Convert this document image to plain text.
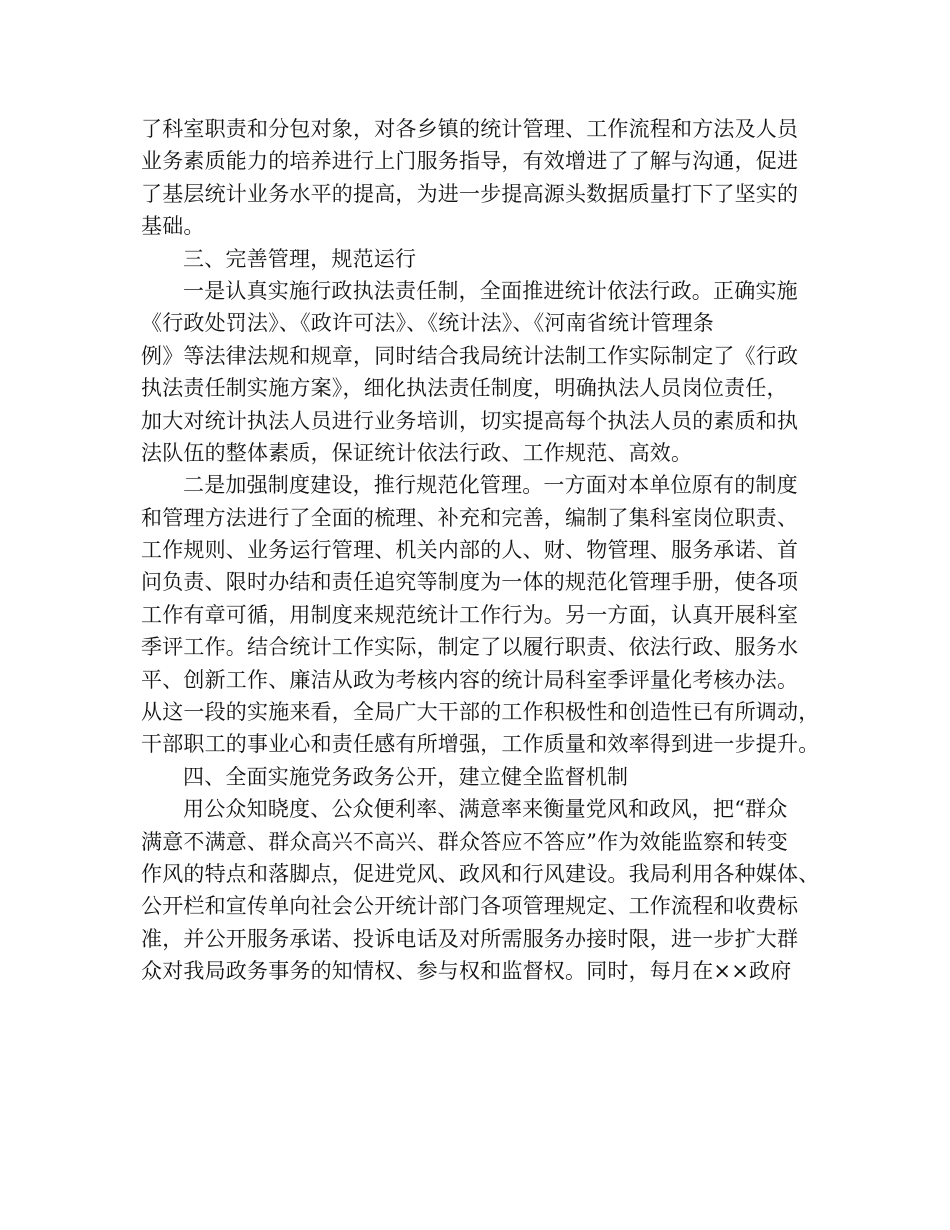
了科室职责和分包对象，对各乡镇的统计管理、工作流程和方法及人员
业务素质能力的培养进行上门服务指导，有效增进了了解与沟通，促进
了基层统计业务水平的提高，为进一步提高源头数据质量打下了坚实的
基础。
三、完善管理，规范运行
一是认真实施行政执法责任制，全面推进统计依法行政。正确实施
《行政处罚法》、《政许可法》、《统计法》、《河南省统计管理条
例》等法律法规和规章，同时结合我局统计法制工作实际制定了《行政
执法责任制实施方案》，细化执法责任制度，明确执法人员岗位责任，
加大对统计执法人员进行业务培训，切实提高每个执法人员的素质和执
法队伍的整体素质，保证统计依法行政、工作规范、高效。
二是加强制度建设，推行规范化管理。一方面对本单位原有的制度
和管理方法进行了全面的梳理、补充和完善，编制了集科室岗位职责、
工作规则、业务运行管理、机关内部的人、财、物管理、服务承诺、首
问负责、限时办结和责任追究等制度为一体的规范化管理手册，使各项
工作有章可循，用制度来规范统计工作行为。另一方面，认真开展科室
季评工作。结合统计工作实际，制定了以履行职责、依法行政、服务水
平、创新工作、廉洁从政为考核内容的统计局科室季评量化考核办法。
从这一段的实施来看，全局广大干部的工作积极性和创造性已有所调动，
干部职工的事业心和责任感有所增强，工作质量和效率得到进一步提升。
四、全面实施党务政务公开，建立健全监督机制
用公众知晓度、公众便利率、满意率来衡量党风和政风，把“群众
满意不满意、群众高兴不高兴、群众答应不答应”作为效能监察和转变
作风的特点和落脚点，促进党风、政风和行风建设。我局利用各种媒体、
公开栏和宣传单向社会公开统计部门各项管理规定、工作流程和收费标
准，并公开服务承诺、投诉电话及对所需服务办接时限，进一步扩大群
众对我局政务事务的知情权、参与权和监督权。同时，每月在××政府
